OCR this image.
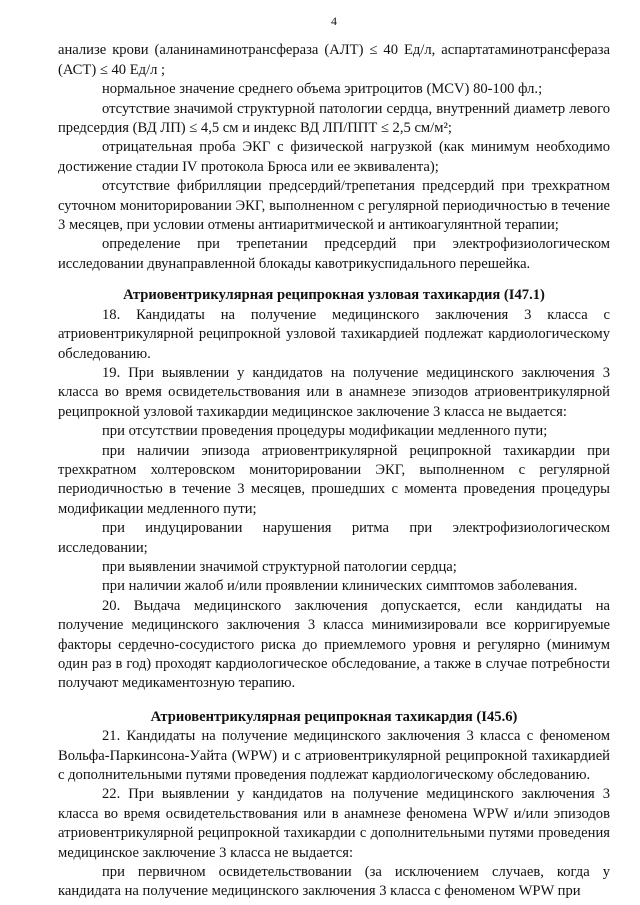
4

анализе крови (аланинаминотрансфераза (АЛТ) ≤ 40 Ед/л, аспартатаминотрансфераза (АСТ) ≤ 40 Ед/л ;

нормальное значение среднего объема эритроцитов (MCV) 80-100 фл.;

отсутствие значимой структурной патологии сердца, внутренний диаметр левого предсердия (ВД ЛП) ≤ 4,5 см и индекс ВД ЛП/ППТ ≤ 2,5 см/м²;

отрицательная проба ЭКГ с физической нагрузкой (как минимум необходимо достижение стадии IV протокола Брюса или ее эквивалента);

отсутствие фибрилляции предсердий/трепетания предсердий при трехкратном суточном мониторировании ЭКГ, выполненном с регулярной периодичностью в течение 3 месяцев, при условии отмены антиаритмической и антикоагулянтной терапии;

определение при трепетании предсердий при электрофизиологическом исследовании двунаправленной блокады кавотрикуспидального перешейка.

Атриовентрикулярная реципрокная узловая тахикардия (I47.1)

18. Кандидаты на получение медицинского заключения 3 класса с атриовентрикулярной реципрокной узловой тахикардией подлежат кардиологическому обследованию.

19. При выявлении у кандидатов на получение медицинского заключения 3 класса во время освидетельствования или в анамнезе эпизодов атриовентрикулярной реципрокной узловой тахикардии медицинское заключение 3 класса не выдается:

при отсутствии проведения процедуры модификации медленного пути;

при наличии эпизода атриовентрикулярной реципрокной тахикардии при трехкратном холтеровском мониторировании ЭКГ, выполненном с регулярной периодичностью в течение 3 месяцев, прошедших с момента проведения процедуры модификации медленного пути;

при индуцировании нарушения ритма при электрофизиологическом исследовании;

при выявлении значимой структурной патологии сердца;

при наличии жалоб и/или проявлении клинических симптомов заболевания.

20. Выдача медицинского заключения допускается, если кандидаты на получение медицинского заключения 3 класса минимизировали все корригируемые факторы сердечно-сосудистого риска до приемлемого уровня и регулярно (минимум один раз в год) проходят кардиологическое обследование, а также в случае потребности получают медикаментозную терапию.

Атриовентрикулярная реципрокная тахикардия (I45.6)

21. Кандидаты на получение медицинского заключения 3 класса с феноменом Вольфа-Паркинсона-Уайта (WPW) и с атриовентрикулярной реципрокной тахикардией с дополнительными путями проведения подлежат кардиологическому обследованию.

22. При выявлении у кандидатов на получение медицинского заключения 3 класса во время освидетельствования или в анамнезе феномена WPW и/или эпизодов атриовентрикулярной реципрокной тахикардии с дополнительными путями проведения медицинское заключение 3 класса не выдается:

при первичном освидетельствовании (за исключением случаев, когда у кандидата на получение медицинского заключения 3 класса с феноменом WPW при
